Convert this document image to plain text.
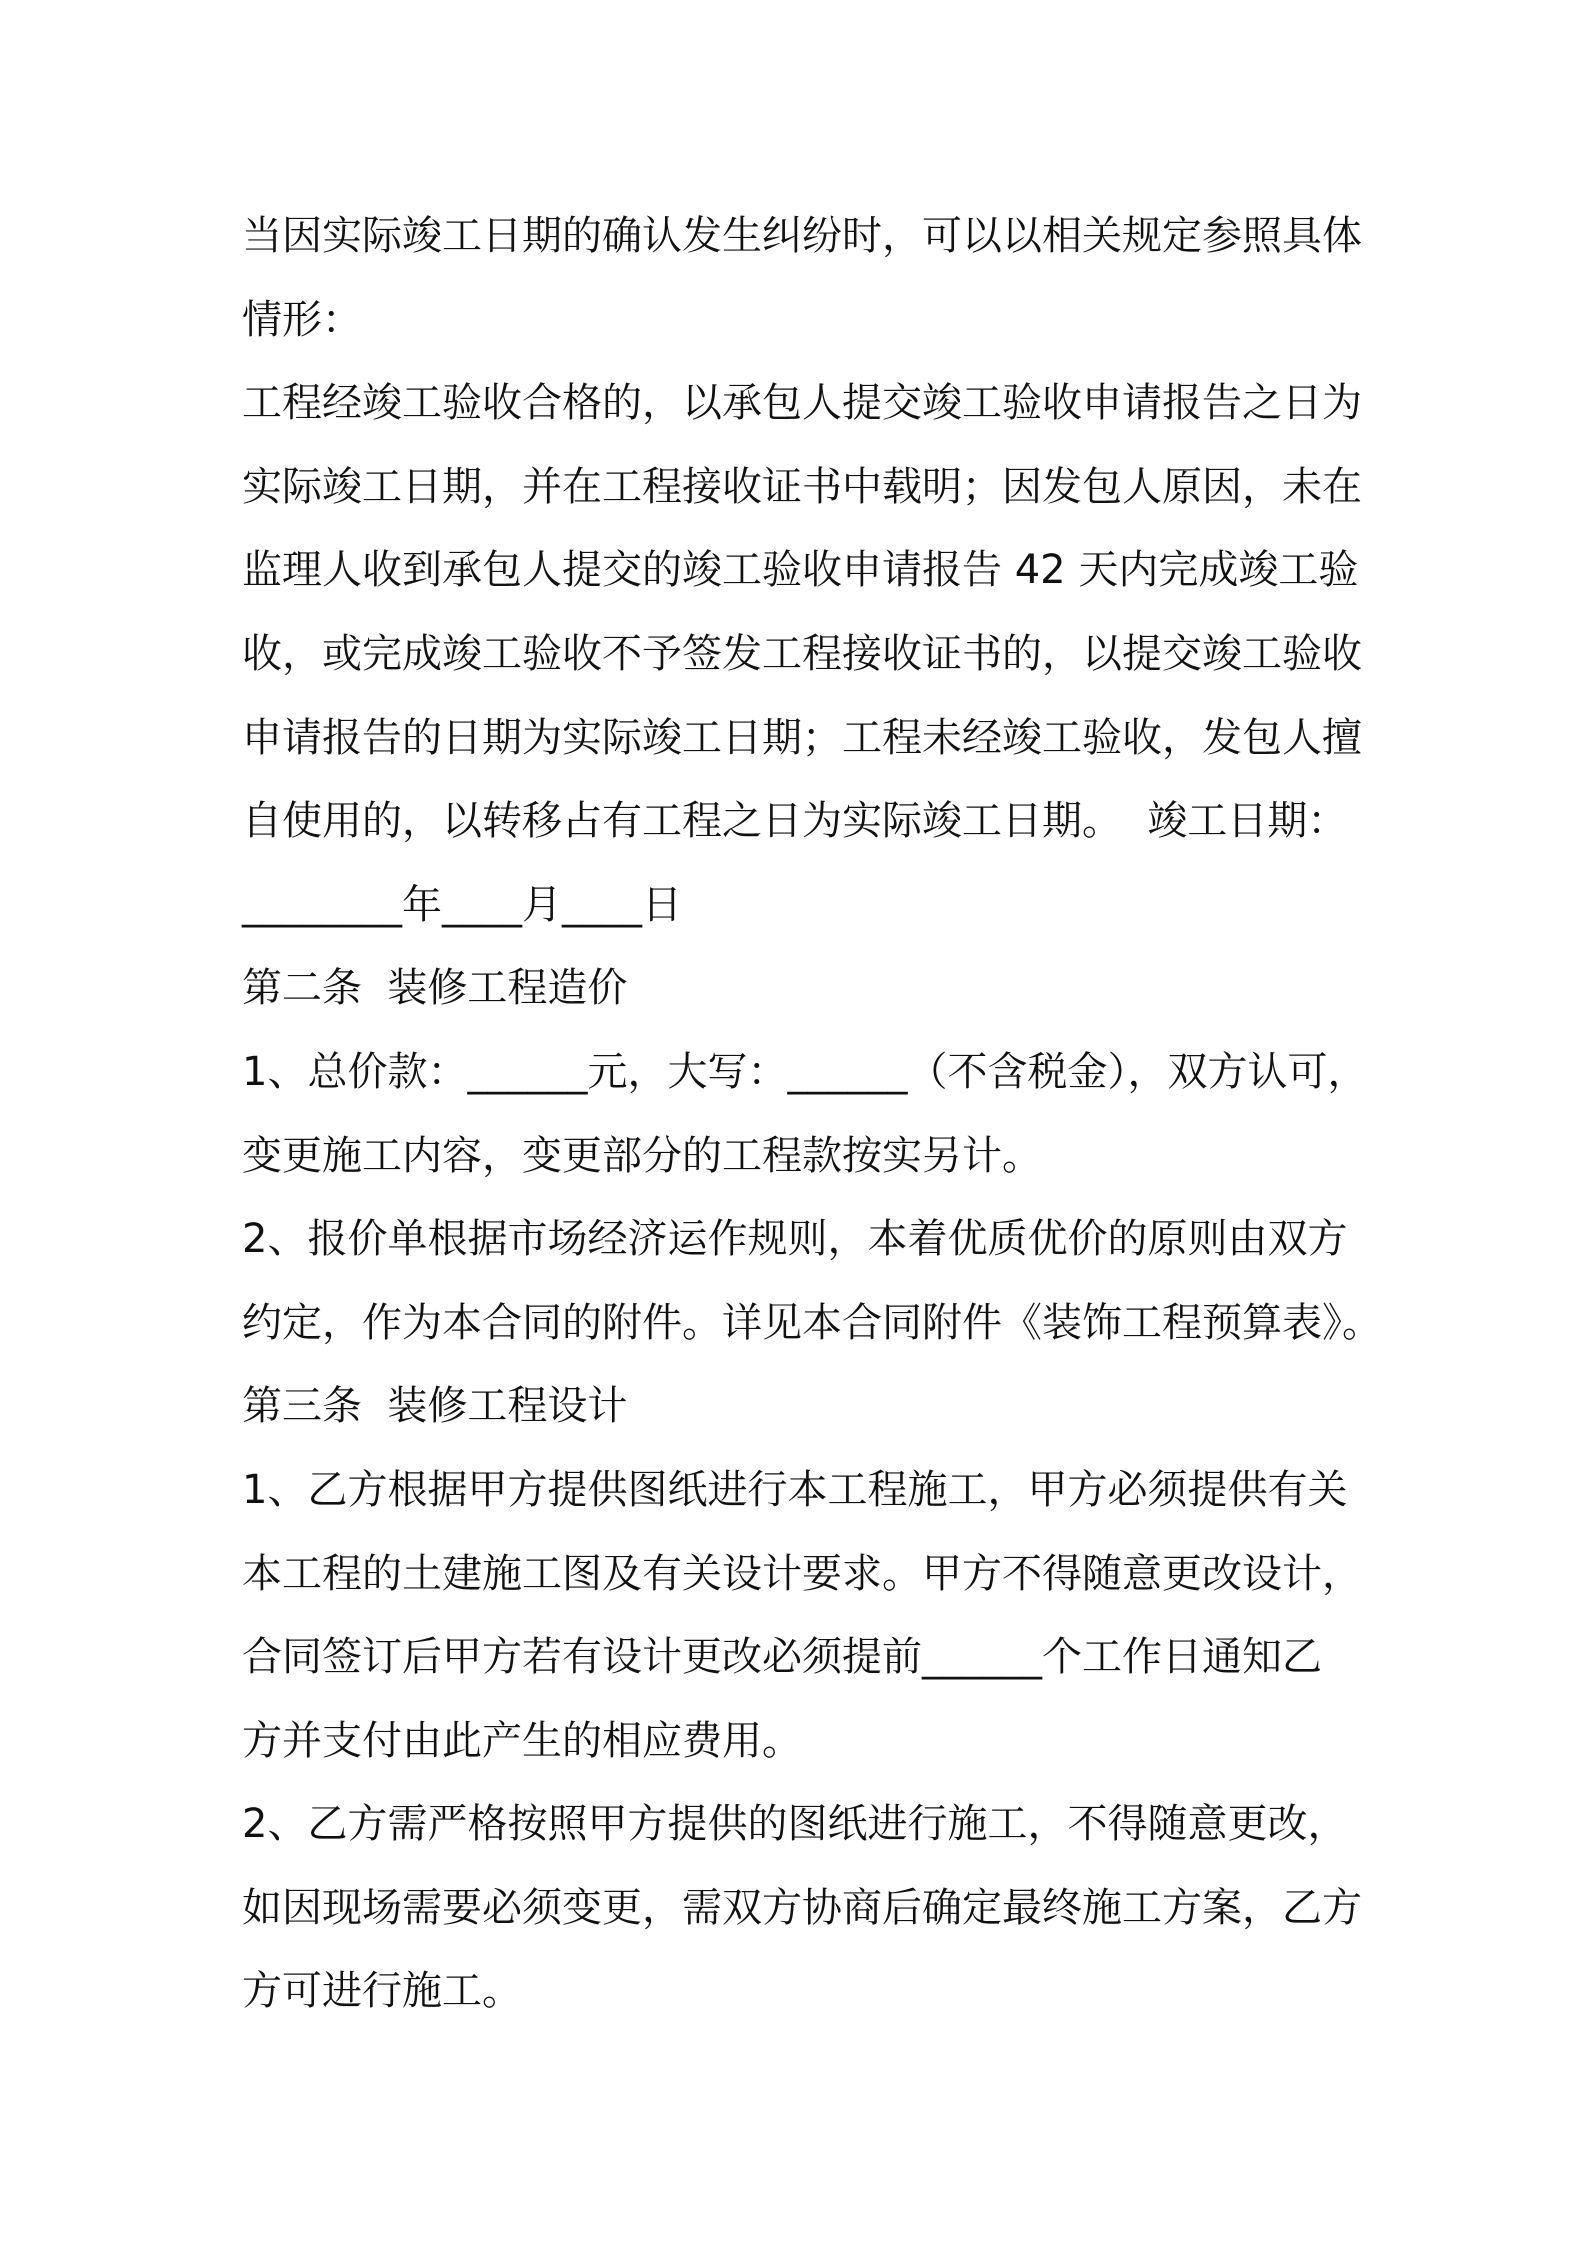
当因实际竣工日期的确认发生纠纷时，可以以相关规定参照具体
情形：
工程经竣工验收合格的，以承包人提交竣工验收申请报告之日为
实际竣工日期，并在工程接收证书中载明；因发包人原因，未在
监理人收到承包人提交的竣工验收申请报告 42 天内完成竣工验
收，或完成竣工验收不予签发工程接收证书的，以提交竣工验收
申请报告的日期为实际竣工日期；工程未经竣工验收，发包人擅
自使用的，以转移占有工程之日为实际竣工日期。  竣工日期：
________年____月____日
第二条  装修工程造价
1、总价款：______元，大写：______（不含税金），双方认可，
变更施工内容，变更部分的工程款按实另计。
2、报价单根据市场经济运作规则，本着优质优价的原则由双方
约定，作为本合同的附件。详见本合同附件《装饰工程预算表》。
第三条  装修工程设计
1、乙方根据甲方提供图纸进行本工程施工，甲方必须提供有关
本工程的土建施工图及有关设计要求。甲方不得随意更改设计，
合同签订后甲方若有设计更改必须提前______个工作日通知乙
方并支付由此产生的相应费用。
2、乙方需严格按照甲方提供的图纸进行施工，不得随意更改，
如因现场需要必须变更，需双方协商后确定最终施工方案，乙方
方可进行施工。
